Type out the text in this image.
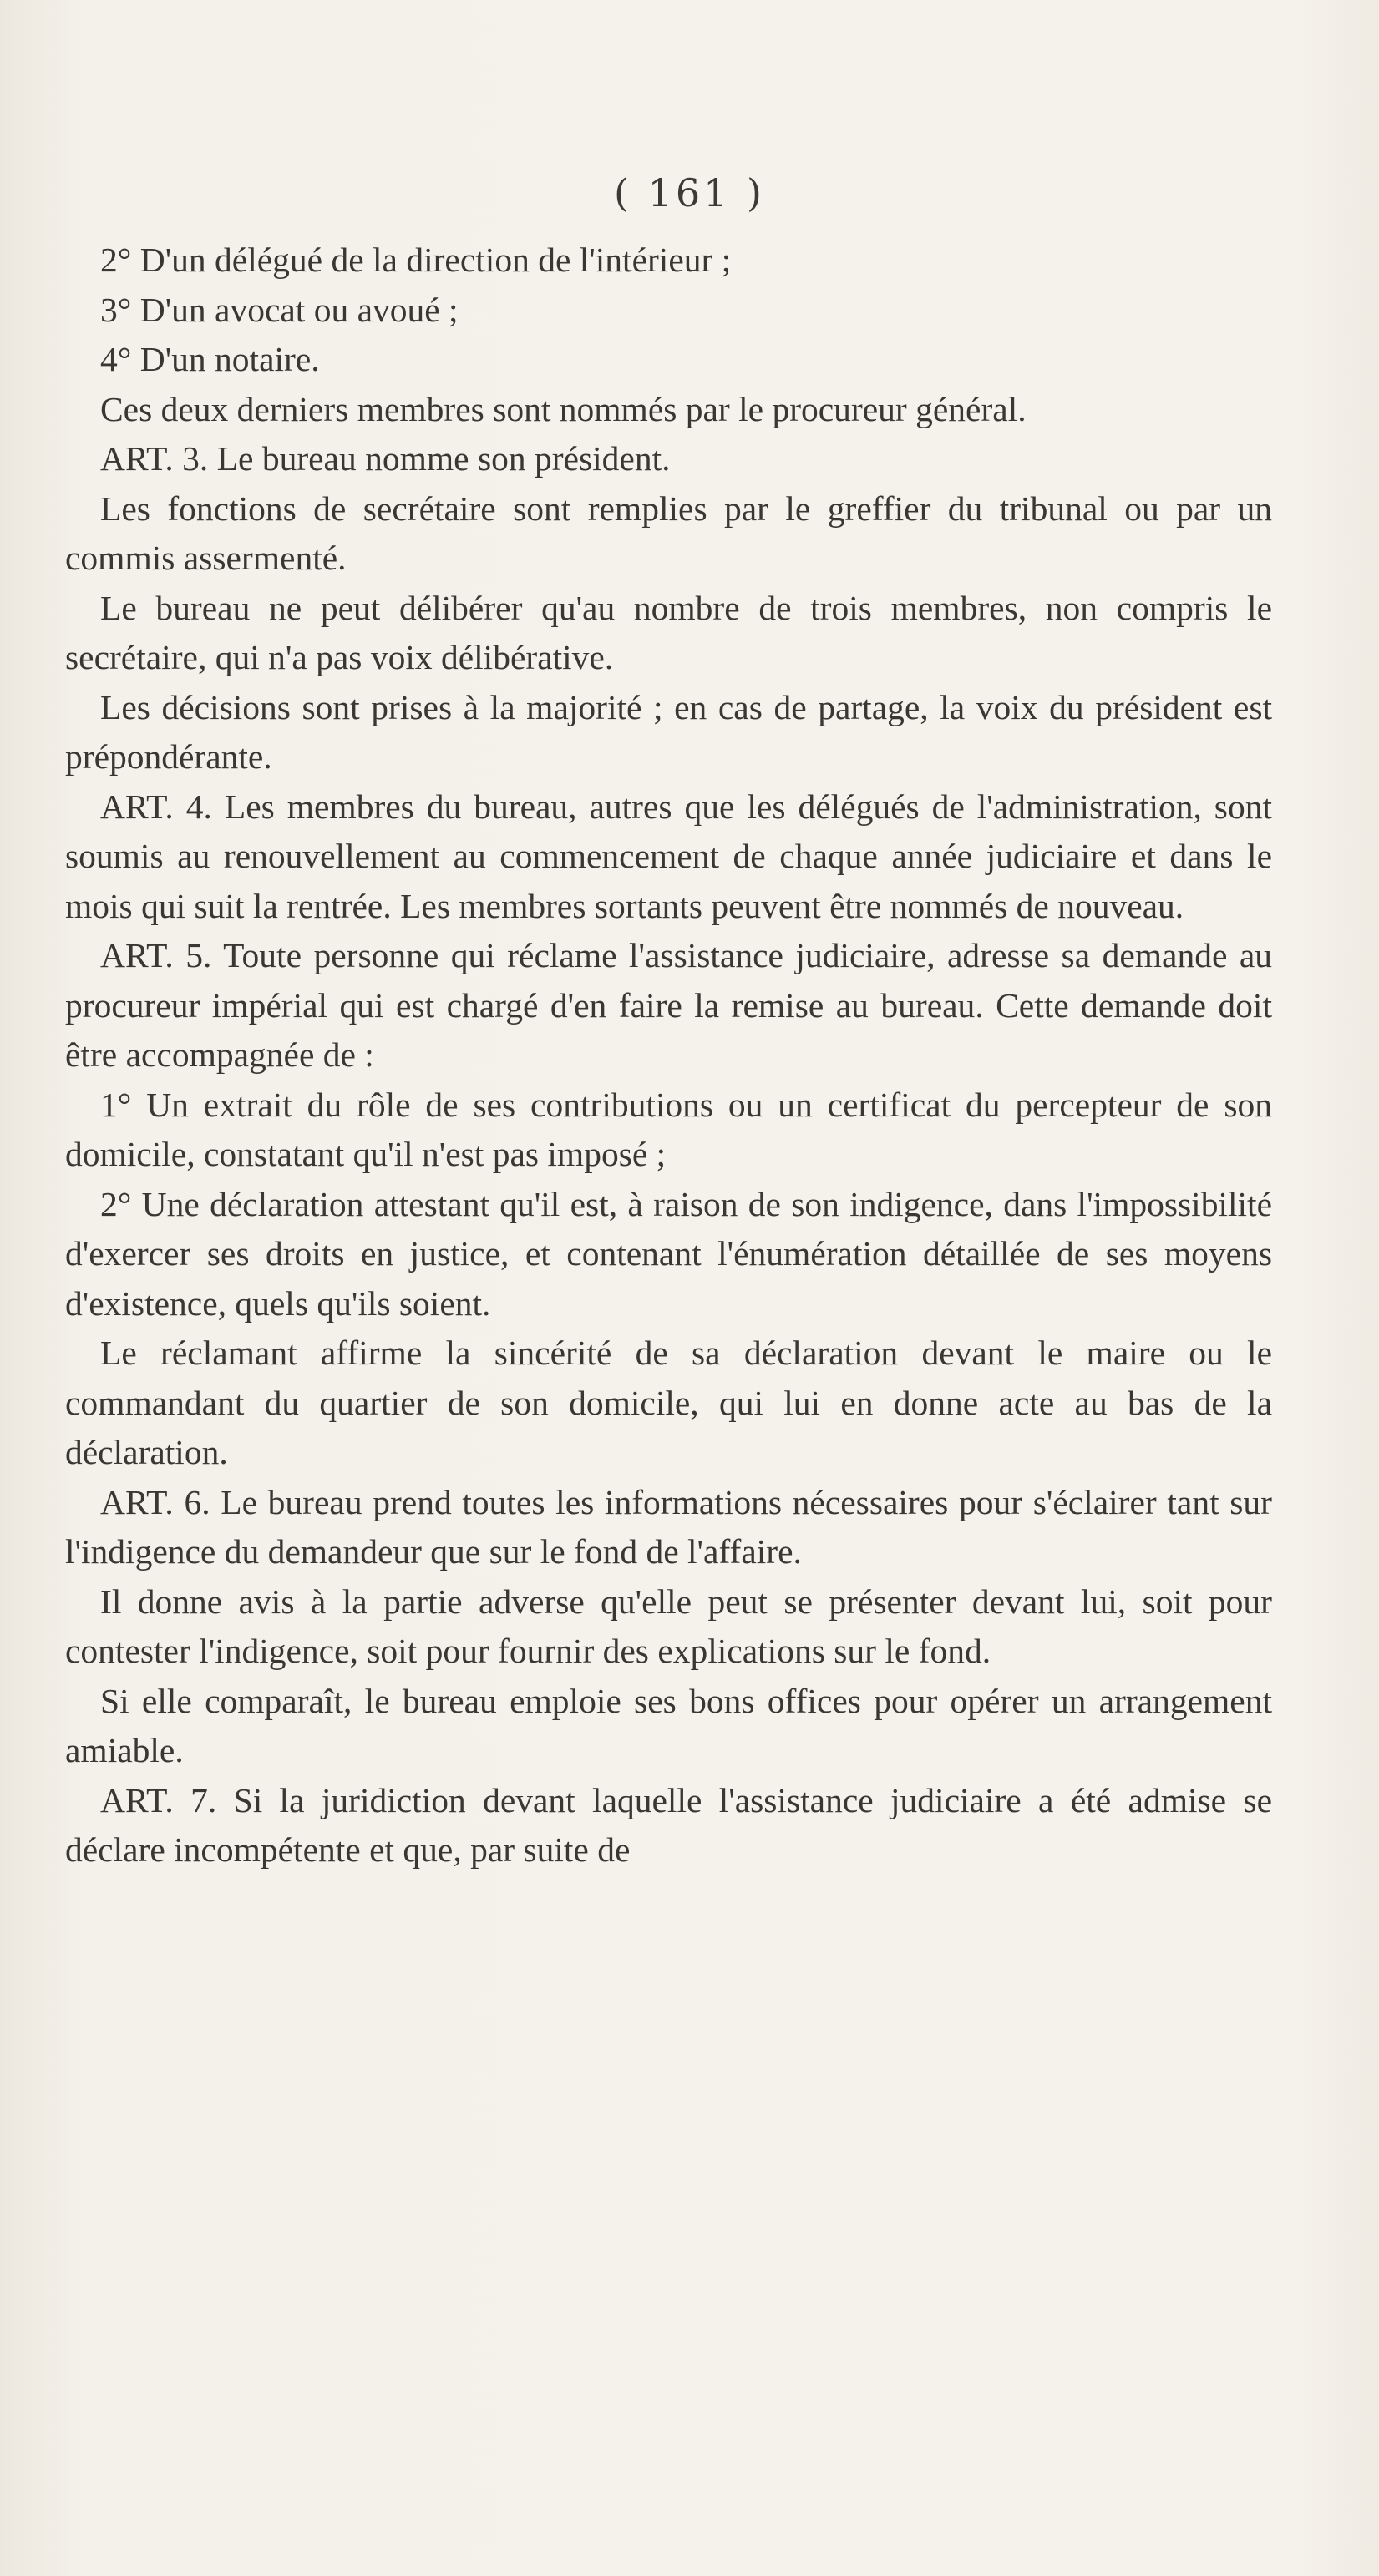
( 161 )

2° D'un délégué de la direction de l'intérieur ;

3° D'un avocat ou avoué ;

4° D'un notaire.

Ces deux derniers membres sont nommés par le procureur général.

ART. 3. Le bureau nomme son président.

Les fonctions de secrétaire sont remplies par le greffier du tribunal ou par un commis assermenté.

Le bureau ne peut délibérer qu'au nombre de trois membres, non compris le secrétaire, qui n'a pas voix délibérative.

Les décisions sont prises à la majorité ; en cas de partage, la voix du président est prépondérante.

ART. 4. Les membres du bureau, autres que les délégués de l'administration, sont soumis au renouvellement au commencement de chaque année judiciaire et dans le mois qui suit la rentrée. Les membres sortants peuvent être nommés de nouveau.

ART. 5. Toute personne qui réclame l'assistance judiciaire, adresse sa demande au procureur impérial qui est chargé d'en faire la remise au bureau. Cette demande doit être accompagnée de :

1° Un extrait du rôle de ses contributions ou un certificat du percepteur de son domicile, constatant qu'il n'est pas imposé ;

2° Une déclaration attestant qu'il est, à raison de son indigence, dans l'impossibilité d'exercer ses droits en justice, et contenant l'énumération détaillée de ses moyens d'existence, quels qu'ils soient.

Le réclamant affirme la sincérité de sa déclaration devant le maire ou le commandant du quartier de son domicile, qui lui en donne acte au bas de la déclaration.

ART. 6. Le bureau prend toutes les informations nécessaires pour s'éclairer tant sur l'indigence du demandeur que sur le fond de l'affaire.

Il donne avis à la partie adverse qu'elle peut se présenter devant lui, soit pour contester l'indigence, soit pour fournir des explications sur le fond.

Si elle comparaît, le bureau emploie ses bons offices pour opérer un arrangement amiable.

ART. 7. Si la juridiction devant laquelle l'assistance judiciaire a été admise se déclare incompétente et que, par suite de
